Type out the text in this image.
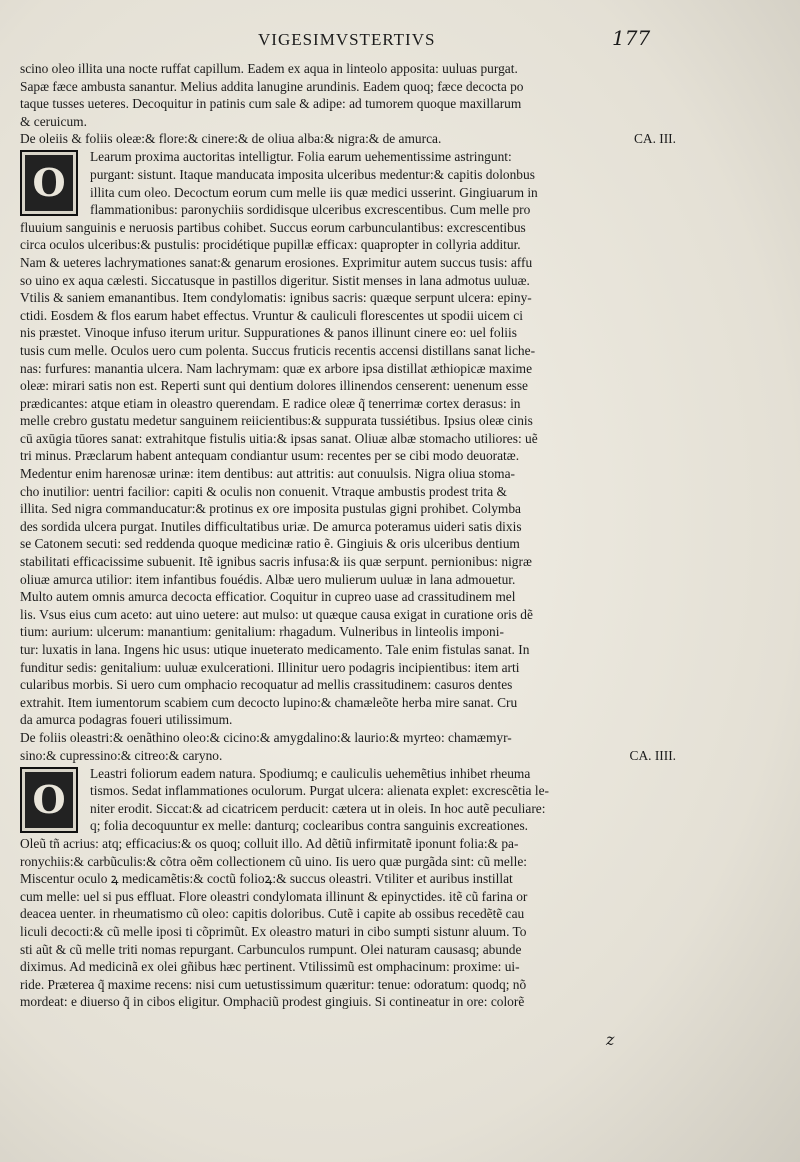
VIGESIMVSTERTIVS	177
scino oleo illita una nocte ruffat capillum. Eadem ex aqua in linteolo apposita: uuluas purgat.
Sapæ fæce ambusta sanantur. Melius addita lanugine arundinis. Eadem quoq; fæce decocta po
taque tusses ueteres. Decoquitur in patinis cum sale & adipe: ad tumorem quoque maxillarum
& ceruicum.
De oleiis & foliis oleæ:& flore:& cinere:& de oliua alba:& nigra:& de amurca.	CA. III.
O
Learum proxima auctoritas intelligtur. Folia earum uehementissime astringunt:
purgant: sistunt. Itaque manducata imposita ulceribus medentur:& capitis dolonbus
illita cum oleo. Decoctum eorum cum melle iis quæ medici usserint. Gingiuarum in
flammationibus: paronychiis sordidisque ulceribus excrescentibus. Cum melle pro
fluuium sanguinis e neruosis partibus cohibet. Succus eorum carbunculantibus: excrescentibus
circa oculos ulceribus:& pustulis: procidétique pupillæ efficax: quapropter in collyria additur.
Nam & ueteres lachrymationes sanat:& genarum erosiones. Exprimitur autem succus tusis: affu
so uino ex aqua cælesti. Siccatusque in pastillos digeritur. Sistit menses in lana admotus uuluæ.
Vtilis & saniem emanantibus. Item condylomatis: ignibus sacris: quæque serpunt ulcera: epiny-
ctidi. Eosdem & flos earum habet effectus. Vruntur & cauliculi florescentes ut spodii uicem ci
nis præstet. Vinoque infuso iterum uritur. Suppurationes & panos illinunt cinere eo: uel foliis
tusis cum melle. Oculos uero cum polenta. Succus fruticis recentis accensi distillans sanat liche-
nas: furfures: manantia ulcera. Nam lachrymam: quæ ex arbore ipsa distillat æthiopicæ maxime
oleæ: mirari satis non est. Reperti sunt qui dentium dolores illinendos censerent: uenenum esse
prædicantes: atque etiam in oleastro querendam. E radice oleæ q̃ tenerrimæ cortex derasus: in
melle crebro gustatu medetur sanguinem reiicientibus:& suppurata tussiétibus. Ipsius oleæ cinis
cū axūgia tūores sanat: extrahitque fistulis uitia:& ipsas sanat. Oliuæ albæ stomacho utiliores: uẽ
tri minus. Præclarum habent antequam condiantur usum: recentes per se cibi modo deuoratæ.
Medentur enim harenosæ urinæ: item dentibus: aut attritis: aut conuulsis. Nigra oliua stoma-
cho inutilior: uentri facilior: capiti & oculis non conuenit. Vtraque ambustis prodest trita &
illita. Sed nigra commanducatur:& protinus ex ore imposita pustulas gigni prohibet. Colymba
des sordida ulcera purgat. Inutiles difficultatibus uriæ. De amurca poteramus uideri satis dixis
se Catonem secuti: sed reddenda quoque medicinæ ratio ẽ. Gingiuis & oris ulceribus dentium
stabilitati efficacissime subuenit. Itẽ ignibus sacris infusa:& iis quæ serpunt. pernionibus: nigræ
oliuæ amurca utilior: item infantibus fouédis. Albæ uero mulierum uuluæ in lana admouetur.
Multo autem omnis amurca decocta efficatior. Coquitur in cupreo uase ad crassitudinem mel
lis. Vsus eius cum aceto: aut uino uetere: aut mulso: ut quæque causa exigat in curatione oris dẽ
tium: aurium: ulcerum: manantium: genitalium: rhagadum. Vulneribus in linteolis imponi-
tur: luxatis in lana. Ingens hic usus: utique inueterato medicamento. Tale enim fistulas sanat. In
funditur sedis: genitalium: uuluæ exulcerationi. Illinitur uero podagris incipientibus: item arti
cularibus morbis. Si uero cum omphacio recoquatur ad mellis crassitudinem: casuros dentes
extrahit. Item iumentorum scabiem cum decocto lupino:& chamæleõte herba mire sanat. Cru
da amurca podagras foueri utilissimum.
De foliis oleastri:& oenãthino oleo:& cicino:& amygdalino:& laurio:& myrteo: chamæmyr-
sino:& cupressino:& citreo:& caryno.	CA. IIII.
O
Leastri foliorum eadem natura. Spodiumq; e cauliculis uehemẽtius inhibet rheuma
tismos. Sedat inflammationes oculorum. Purgat ulcera: alienata explet: excrescẽtia le-
niter erodit. Siccat:& ad cicatricem perducit: cætera ut in oleis. In hoc autẽ peculiare:
q; folia decoquuntur ex melle: danturq; coclearibus contra sanguinis excreationes.
Oleũ tñ acrius: atq; efficacius:& os quoq; colluit illo. Ad dẽtiũ infirmitatẽ iponunt folia:& pa-
ronychiis:& carbũculis:& cõtra oẽm collectionem cũ uino. Iis uero quæ purgãda sint: cũ melle:
Miscentur oculo ꝝ medicamẽtis:& coctũ folioꝝ:& succus oleastri. Vtiliter et auribus instillat
cum melle: uel si pus effluat. Flore oleastri condylomata illinunt & epinyctides. itẽ cũ farina or
deacea uenter. in rheumatismo cũ oleo: capitis doloribus. Cutẽ i capite ab ossibus recedẽtẽ cau
liculi decocti:& cũ melle iposi ti cõprimũt. Ex oleastro maturi in cibo sumpti sistunr aluum. To
sti aũt & cũ melle triti nomas repurgant. Carbunculos rumpunt. Olei naturam causasq; abunde
diximus. Ad medicinã ex olei gñibus hæc pertinent. Vtilissimũ est omphacinum: proxime: ui-
ride. Præterea q̃ maxime recens: nisi cum uetustissimum quæritur: tenue: odoratum: quodq; nõ
mordeat: e diuerso q̃ in cibos eligitur. Omphaciũ prodest gingiuis. Si contineatur in ore: colorẽ
z
